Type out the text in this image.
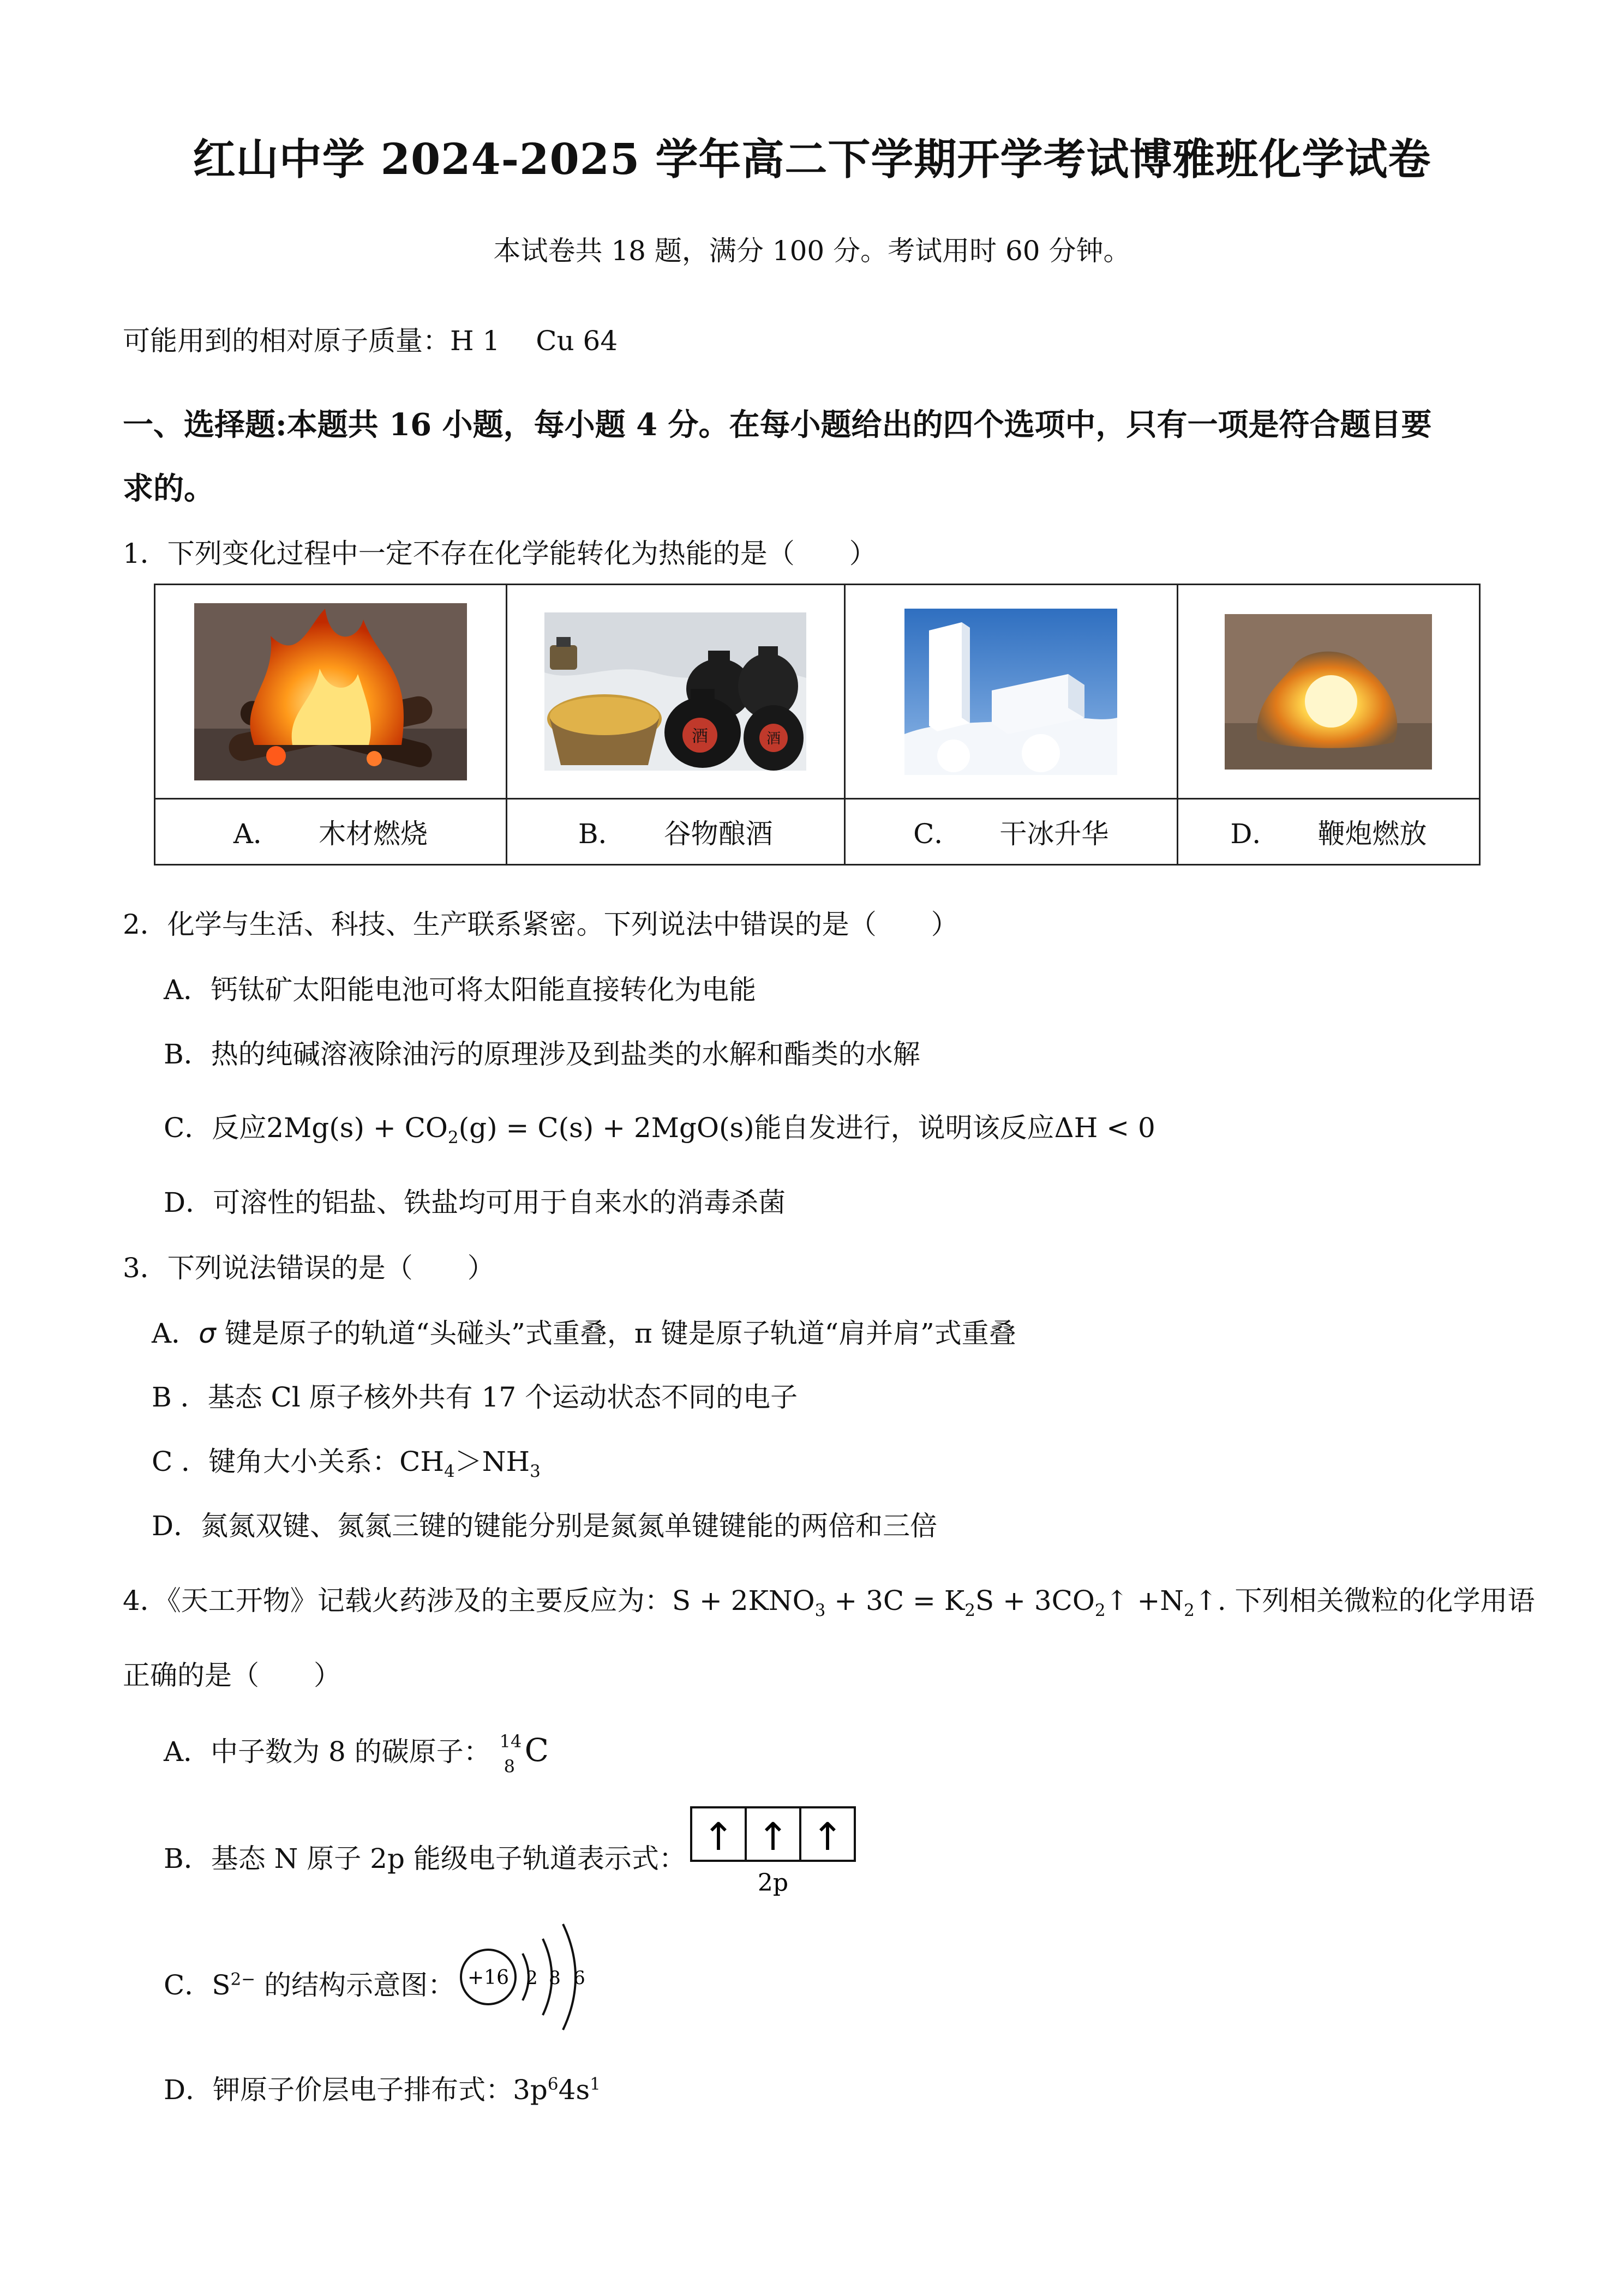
红山中学 2024-2025 学年高二下学期开学考试博雅班化学试卷
本试卷共 18 题，满分 100 分。考试用时 60 分钟。
可能用到的相对原子质量：H 1　 Cu 64
一、选择题:本题共 16 小题，每小题 4 分。在每小题给出的四个选项中，只有一项是符合题目要
求的。
1．下列变化过程中一定不存在化学能转化为热能的是（　　）

酒 酒

A． 木材燃烧	B． 谷物酿酒	C． 干冰升华	D． 鞭炮燃放
2．化学与生活、科技、生产联系紧密。下列说法中错误的是（　　）
A．钙钛矿太阳能电池可将太阳能直接转化为电能
B．热的纯碱溶液除油污的原理涉及到盐类的水解和酯类的水解
C．反应$2Mg(s) + CO_2(g) = C(s) + 2MgO(s)$能自发进行，说明该反应ΔH < 0
D．可溶性的铝盐、铁盐均可用于自来水的消毒杀菌
3．下列说法错误的是（　　）
A．σ 键是原子的轨道“头碰头”式重叠，π 键是原子轨道“肩并肩”式重叠
B ．基态 Cl 原子核外共有 17 个运动状态不同的电子
C ．键角大小关系：$CH_4>NH_3$
D．氮氮双键、氮氮三键的键能分别是氮氮单键键能的两倍和三倍
4．《天工开物》记载火药涉及的主要反应为：$S + 2KNO_3 + 3C = K_2S$ + $3CO_2↑$ $+N_2↑$. 下列相关微粒的化学用语
正确的是（　　）
A．中子数为 8 的碳原子： 14
8 C
B．基态 N 原子 2p 能级电子轨道表示式： ↑ ↑ ↑
2p
C．$S^{2-}$ 的结构示意图： +16 2 8 6
D．钾原子价层电子排布式：$3p^64s^1$
